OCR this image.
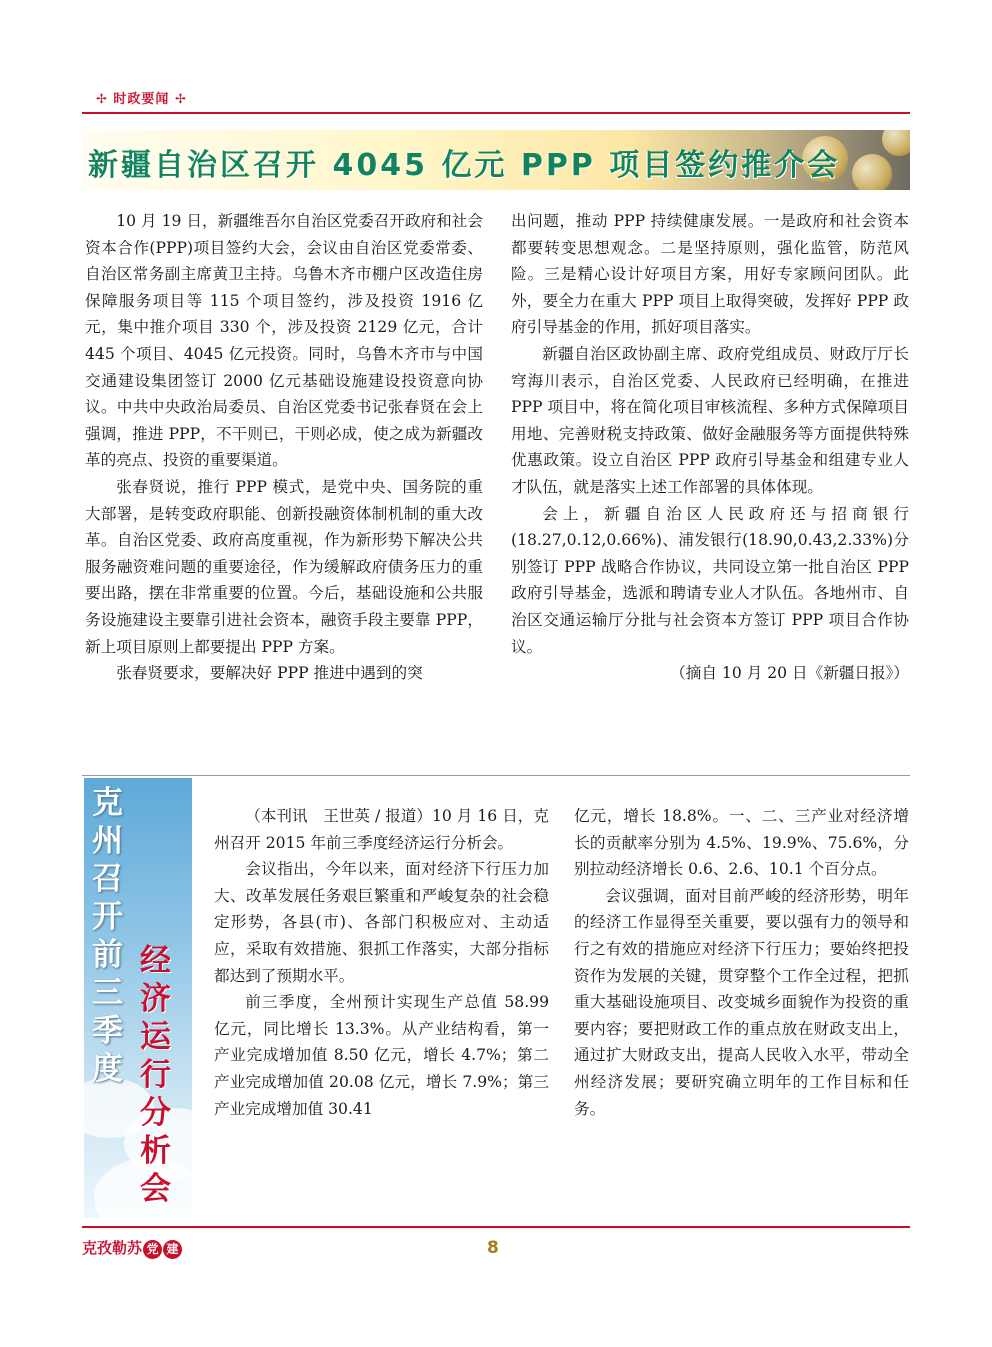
✢ 时政要闻 ✢
新疆自治区召开 4045 亿元 PPP 项目签约推介会

10 月 19 日，新疆维吾尔自治区党委召开政府和社会资本合作(PPP)项目签约大会，会议由自治区党委常委、自治区常务副主席黄卫主持。乌鲁木齐市棚户区改造住房保障服务项目等 115 个项目签约，涉及投资 1916 亿元，集中推介项目 330 个，涉及投资 2129 亿元，合计 445 个项目、4045 亿元投资。同时，乌鲁木齐市与中国交通建设集团签订 2000 亿元基础设施建设投资意向协议。中共中央政治局委员、自治区党委书记张春贤在会上强调，推进 PPP，不干则已，干则必成，使之成为新疆改革的亮点、投资的重要渠道。

张春贤说，推行 PPP 模式，是党中央、国务院的重大部署，是转变政府职能、创新投融资体制机制的重大改革。自治区党委、政府高度重视，作为新形势下解决公共服务融资难问题的重要途径，作为缓解政府债务压力的重要出路，摆在非常重要的位置。今后，基础设施和公共服务设施建设主要靠引进社会资本，融资手段主要靠 PPP，新上项目原则上都要提出 PPP 方案。

张春贤要求，要解决好 PPP 推进中遇到的突

出问题，推动 PPP 持续健康发展。一是政府和社会资本都要转变思想观念。二是坚持原则，强化监管，防范风险。三是精心设计好项目方案，用好专家顾问团队。此外，要全力在重大 PPP 项目上取得突破，发挥好 PPP 政府引导基金的作用，抓好项目落实。

新疆自治区政协副主席、政府党组成员、财政厅厅长穹海川表示，自治区党委、人民政府已经明确，在推进 PPP 项目中，将在简化项目审核流程、多种方式保障项目用地、完善财税支持政策、做好金融服务等方面提供特殊优惠政策。设立自治区 PPP 政府引导基金和组建专业人才队伍，就是落实上述工作部署的具体体现。

会上，新疆自治区人民政府还与招商银行(18.27,0.12,0.66%)、浦发银行(18.90,0.43,2.33%)分别签订 PPP 战略合作协议，共同设立第一批自治区 PPP 政府引导基金，选派和聘请专业人才队伍。各地州市、自治区交通运输厅分批与社会资本方签订 PPP 项目合作协议。

（摘自 10 月 20 日《新疆日报》）

克
州
召
开
前
三
季
度
经
济
运
行
分
析
会

（本刊讯　王世英 / 报道）10 月 16 日，克州召开 2015 年前三季度经济运行分析会。

会议指出，今年以来，面对经济下行压力加大、改革发展任务艰巨繁重和严峻复杂的社会稳定形势，各县(市)、各部门积极应对、主动适应，采取有效措施、狠抓工作落实，大部分指标都达到了预期水平。

前三季度，全州预计实现生产总值 58.99 亿元，同比增长 13.3%。从产业结构看，第一产业完成增加值 8.50 亿元，增长 4.7%；第二产业完成增加值 20.08 亿元，增长 7.9%；第三产业完成增加值 30.41

亿元，增长 18.8%。一、二、三产业对经济增长的贡献率分别为 4.5%、19.9%、75.6%，分别拉动经济增长 0.6、2.6、10.1 个百分点。

会议强调，面对目前严峻的经济形势，明年的经济工作显得至关重要，要以强有力的领导和行之有效的措施应对经济下行压力；要始终把投资作为发展的关键，贯穿整个工作全过程，把抓重大基础设施项目、改变城乡面貌作为投资的重要内容；要把财政工作的重点放在财政支出上，通过扩大财政支出，提高人民收入水平，带动全州经济发展；要研究确立明年的工作目标和任务。

克孜勒苏 党 建	8
